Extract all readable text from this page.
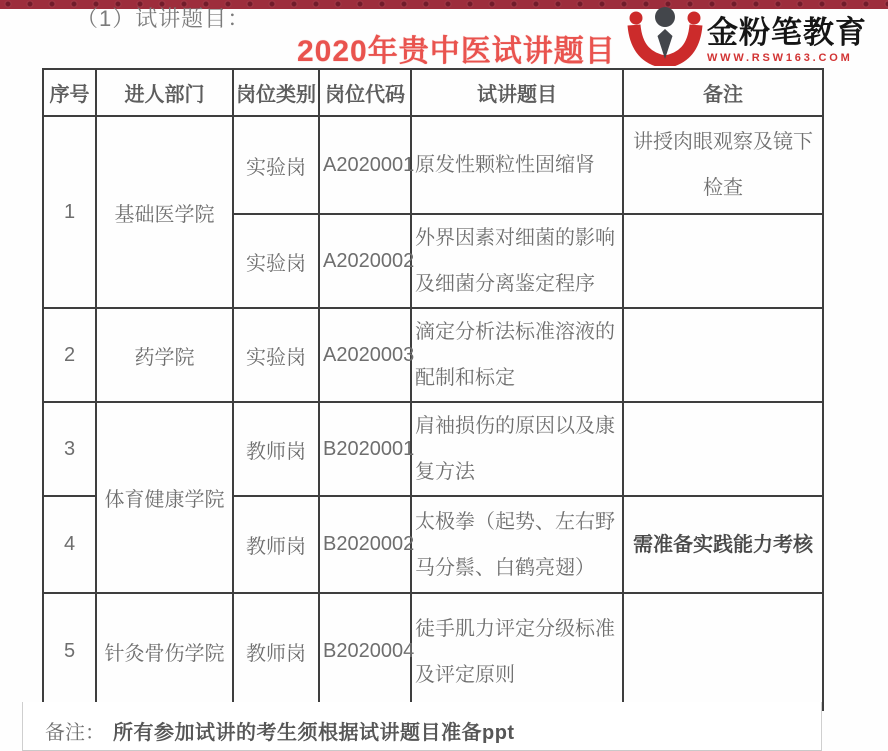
（1）试讲题目：
2020年贵中医试讲题目
金粉笔教育
WWW.RSW163.COM
序号	进人部门	岗位类别	岗位代码	试讲题目	备注
1	基础医学院	实验岗	A2020001	原发性颗粒性固缩肾	讲授肉眼观察及镜下检查
		实验岗	A2020002	外界因素对细菌的影响及细菌分离鉴定程序	
2	药学院	实验岗	A2020003	滴定分析法标准溶液的配制和标定	
3	体育健康学院	教师岗	B2020001	肩袖损伤的原因以及康复方法	
4		教师岗	B2020002	太极拳（起势、左右野马分鬃、白鹤亮翅）	需准备实践能力考核
5	针灸骨伤学院	教师岗	B2020004	徒手肌力评定分级标准及评定原则	
备注： 所有参加试讲的考生须根据试讲题目准备ppt
